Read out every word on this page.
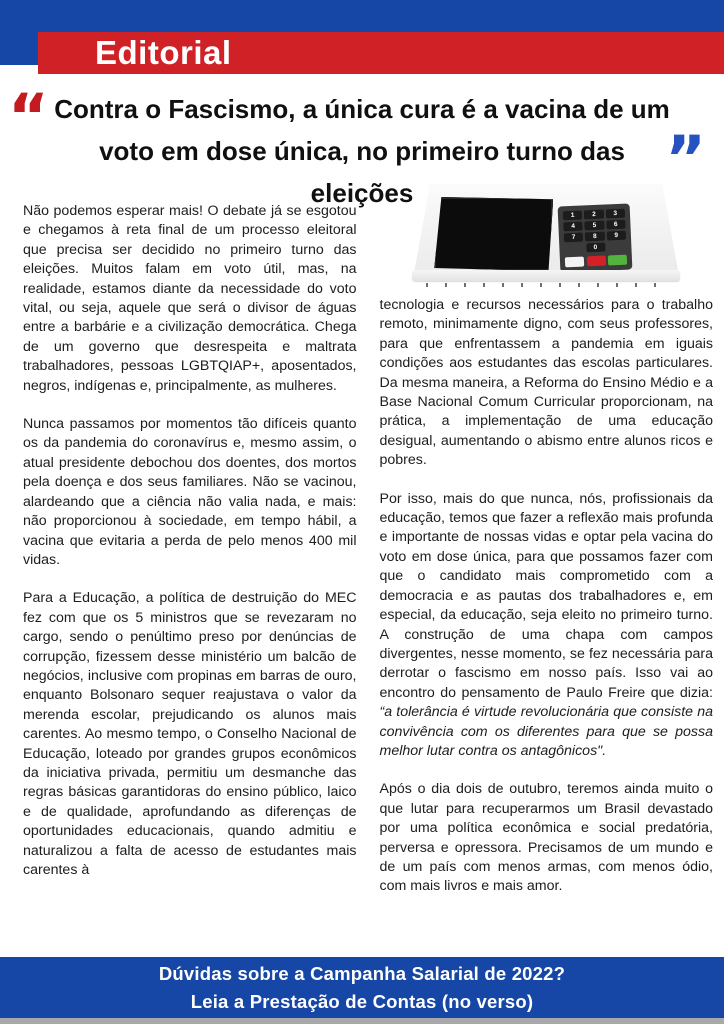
Editorial
“ Contra o Fascismo, a única cura é a vacina de um
voto em dose única, no primeiro turno das eleições	”

Não podemos esperar mais! O debate já se esgotou e chegamos à reta final de um processo eleitoral que precisa ser decidido no primeiro turno das eleições. Muitos falam em voto útil, mas, na realidade, estamos diante da necessidade do voto vital, ou seja, aquele que será o divisor de águas entre a barbárie e a civilização democrática. Chega de um governo que desrespeita e maltrata trabalhadores, pessoas LGBTQIAP+, aposentados, negros, indígenas e, principalmente, as mulheres.

Nunca passamos por momentos tão difíceis quanto os da pandemia do coronavírus e, mesmo assim, o atual presidente debochou dos doentes, dos mortos pela doença e dos seus familiares. Não se vacinou, alardeando que a ciência não valia nada, e mais: não proporcionou à sociedade, em tempo hábil, a vacina que evitaria a perda de pelo menos 400 mil vidas.

Para a Educação, a política de destruição do MEC fez com que os 5 ministros que se revezaram no cargo, sendo o penúltimo preso por denúncias de corrupção, fizessem desse ministério um balcão de negócios, inclusive com propinas em barras de ouro, enquanto Bolsonaro sequer reajustava o valor da merenda escolar, prejudicando os alunos mais carentes. Ao mesmo tempo, o Conselho Nacional de Educação, loteado por grandes grupos econômicos da iniciativa privada, permitiu um desmanche das regras básicas garantidoras do ensino público, laico e de qualidade, aprofundando as diferenças de oportunidades educacionais, quando admitiu e naturalizou a falta de acesso de estudantes mais carentes à

1	2	3
4	5	6
7	8	9
0

tecnologia e recursos necessários para o trabalho remoto, minimamente digno, com seus professores, para que enfrentassem a pandemia em iguais condições aos estudantes das escolas particulares. Da mesma maneira, a Reforma do Ensino Médio e a Base Nacional Comum Curricular proporcionam, na prática, a implementação de uma educação desigual, aumentando o abismo entre alunos ricos e pobres.

Por isso, mais do que nunca, nós, profissionais da educação, temos que fazer a reflexão mais profunda e importante de nossas vidas e optar pela vacina do voto em dose única, para que possamos fazer com que o candidato mais comprometido com a democracia e as pautas dos trabalhadores e, em especial, da educação, seja eleito no primeiro turno. A construção de uma chapa com campos divergentes, nesse momento, se fez necessária para derrotar o fascismo em nosso país. Isso vai ao encontro do pensamento de Paulo Freire que dizia: “a tolerância é virtude revolucionária que consiste na convivência com os diferentes para que se possa melhor lutar contra os antagônicos".

Após o dia dois de outubro, teremos ainda muito o que lutar para recuperarmos um Brasil devastado por uma política econômica e social predatória, perversa e opressora. Precisamos de um mundo e de um país com menos armas, com menos ódio, com mais livros e mais amor.

Dúvidas sobre a Campanha Salarial de 2022?
Leia a Prestação de Contas (no verso)
